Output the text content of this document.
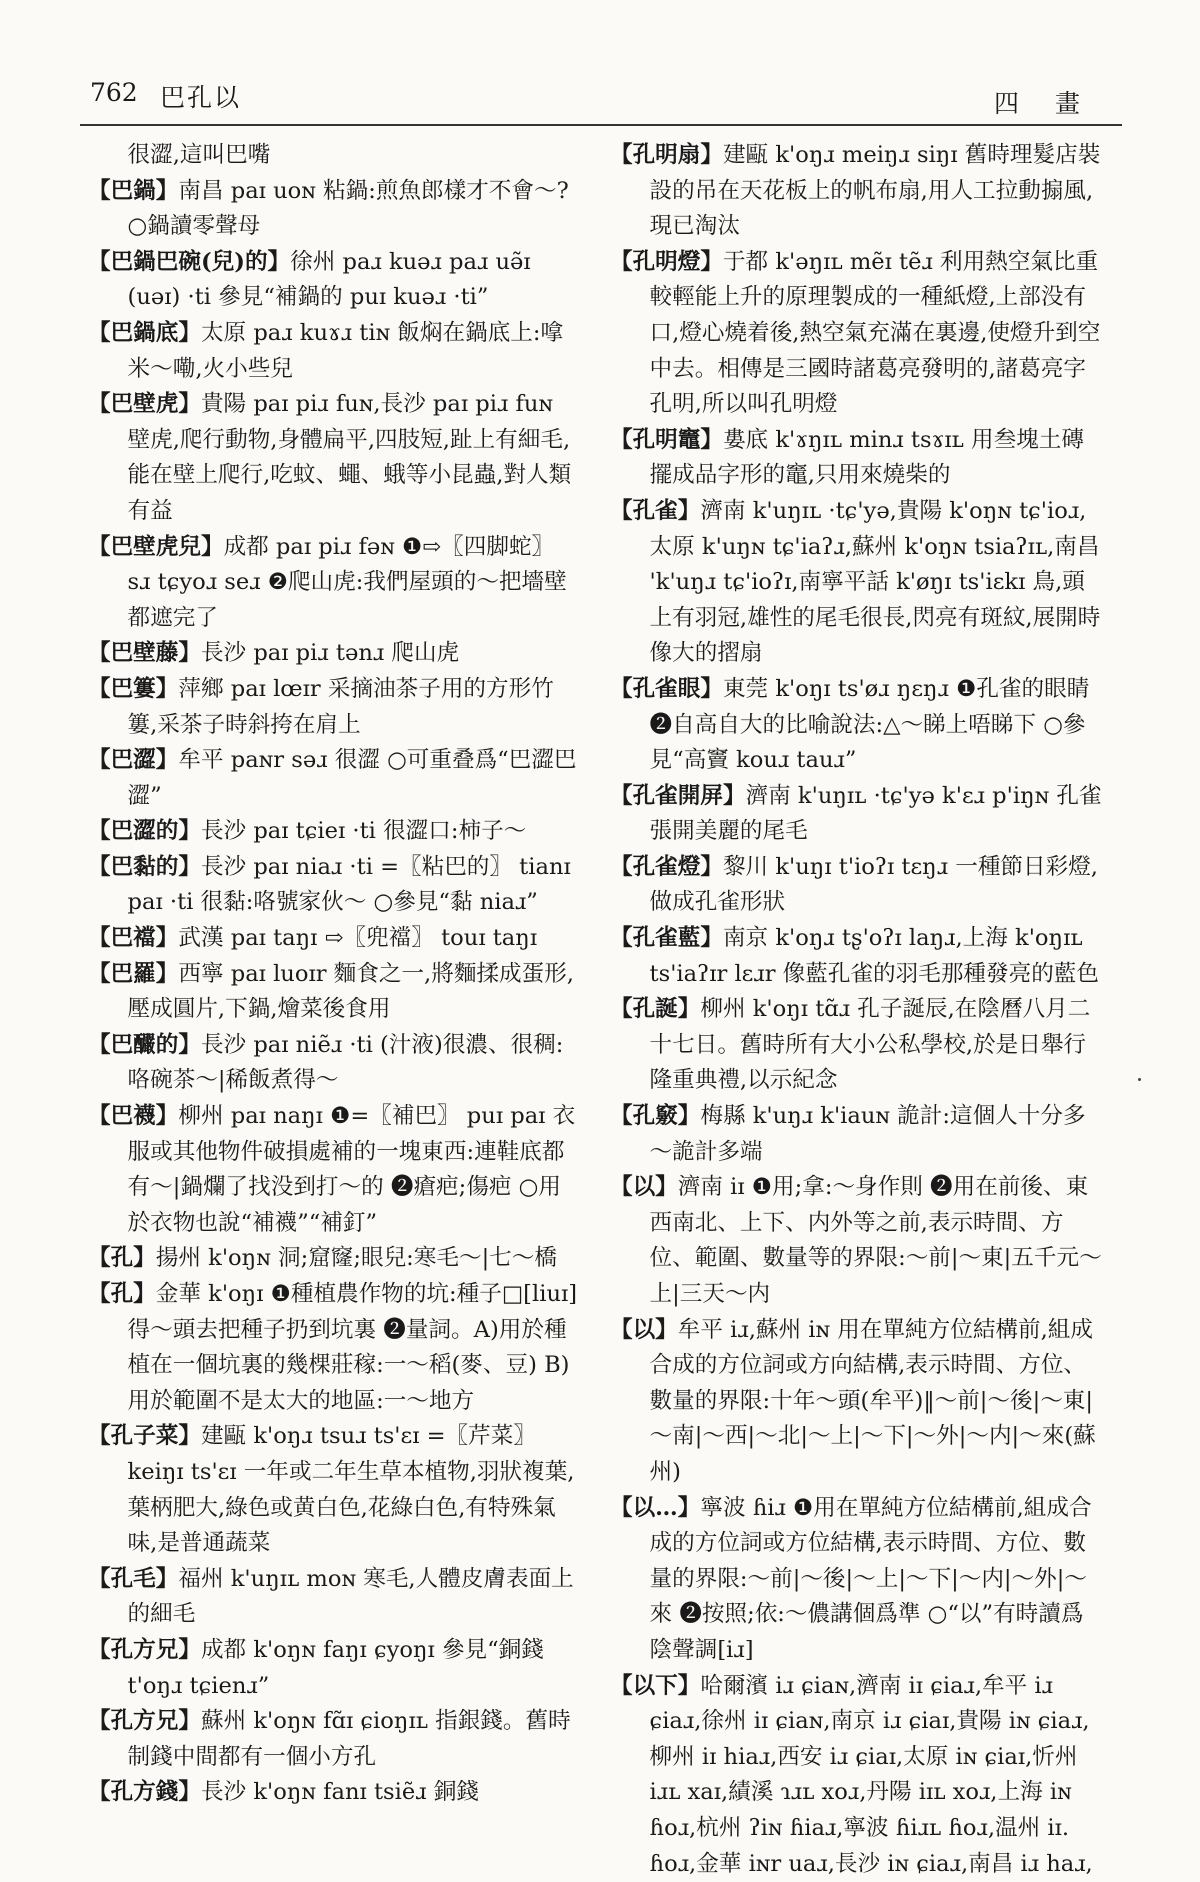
762 巴孔以	四 畫

很澀,這叫巴嘴

【巴鍋】南昌 paɪ uoɴ 粘鍋:煎魚郎樣才不會～? ○鍋讀零聲母

【巴鍋巴碗(兒)的】徐州 paɹ kuəɹ paɹ uə̃ɪ (uəɪ) ·ti 參見“補鍋的 puɪ kuəɹ ·ti”

【巴鍋底】太原 paɹ kuɤɹ tiɴ 飯焖在鍋底上:嗱米～嘞,火小些兒

【巴壁虎】貴陽 paɪ piɹ fuɴ,長沙 paɪ piɹ fuɴ 壁虎,爬行動物,身體扁平,四肢短,趾上有細毛,能在壁上爬行,吃蚊、蠅、蛾等小昆蟲,對人類有益

【巴壁虎兒】成都 paɪ piɹ fəɴ ❶⇨〖四脚蛇〗 sɹ tɕyoɹ seɹ ❷爬山虎:我們屋頭的～把墻壁都遮完了

【巴壁藤】長沙 paɪ piɹ tənɹ 爬山虎

【巴簍】萍鄉 paɪ lœɪr 采摘油茶子用的方形竹簍,采茶子時斜挎在肩上

【巴澀】牟平 paɴr səɹ 很澀 ○可重叠爲“巴澀巴澀”

【巴澀的】長沙 paɪ tɕieɪ ·ti 很澀口:柿子～

【巴黏的】長沙 paɪ niaɹ ·ti =〖粘巴的〗 tianɪ paɪ ·ti 很黏:咯號家伙～ ○參見“黏 niaɹ”

【巴襠】武漢 paɪ taŋɪ ⇨〖兜襠〗 touɪ taŋɪ

【巴羅】西寧 paɪ luoɪr 麵食之一,將麵揉成蛋形,壓成圓片,下鍋,燴菜後食用

【巴釅的】長沙 paɪ niẽɹ ·ti (汁液)很濃、很稠:咯碗茶～|稀飯煮得～

【巴襪】柳州 paɪ naŋɪ ❶=〖補巴〗 puɪ paɪ 衣服或其他物件破損處補的一塊東西:連鞋底都有～|鍋爛了找没到打～的 ❷瘡疤;傷疤 ○用於衣物也說“補襪”“補釘”

【孔】揚州 k'oŋɴ 洞;窟窿;眼兒:寒毛～|七～橋

【孔】金華 k'oŋɪ ❶種植農作物的坑:種子□[liuɪ]得～頭去把種子扔到坑裏 ❷量詞。A)用於種植在一個坑裏的幾棵莊稼:一～稻(麥、豆) B)用於範圍不是太大的地區:一～地方

【孔子菜】建甌 k'oŋɹ tsuɹ ts'ɛɪ =〖芹菜〗 keiŋɪ ts'ɛɪ 一年或二年生草本植物,羽狀複葉,葉柄肥大,綠色或黄白色,花綠白色,有特殊氣味,是普通蔬菜

【孔毛】福州 k'uŋɪʟ moɴ 寒毛,人體皮膚表面上的細毛

【孔方兄】成都 k'oŋɴ faŋɪ ɕyoŋɪ 參見“銅錢 t'oŋɹ tɕienɹ”

【孔方兄】蘇州 k'oŋɴ fɑ̃ɪ ɕioŋɪʟ 指銀錢。舊時制錢中間都有一個小方孔

【孔方錢】長沙 k'oŋɴ fanɪ tsiẽɹ 銅錢

【孔明扇】建甌 k'oŋɹ meiŋɹ siŋɪ 舊時理髮店裝設的吊在天花板上的帆布扇,用人工拉動搧風,現已淘汰

【孔明燈】于都 k'əŋɪʟ mẽɪ tẽɹ 利用熱空氣比重較輕能上升的原理製成的一種紙燈,上部没有口,燈心燒着後,熱空氣充滿在裏邊,使燈升到空中去。相傳是三國時諸葛亮發明的,諸葛亮字孔明,所以叫孔明燈

【孔明竈】婁底 k'ɤŋɪʟ minɹ tsɤɪʟ 用叁塊土磚擺成品字形的竈,只用來燒柴的

【孔雀】濟南 k'uŋɪʟ ·tɕ'yə,貴陽 k'oŋɴ tɕ'ioɹ,太原 k'uŋɴ tɕ'iaʔɹ,蘇州 k'oŋɴ tsiaʔɪʟ,南昌 'k'uŋɹ tɕ'ioʔɪ,南寧平話 k'øŋɪ ts'iɛkɪ 鳥,頭上有羽冠,雄性的尾毛很長,閃亮有斑紋,展開時像大的摺扇

【孔雀眼】東莞 k'oŋɪ ts'øɹ ŋɛŋɹ ❶孔雀的眼睛 ❷自高自大的比喻說法:△～睇上唔睇下 ○參見“高竇 kouɹ tauɹ”

【孔雀開屏】濟南 k'uŋɪʟ ·tɕ'yə k'ɛɹ p'iŋɴ 孔雀張開美麗的尾毛

【孔雀燈】黎川 k'uŋɪ t'ioʔɪ tɛŋɹ 一種節日彩燈,做成孔雀形狀

【孔雀藍】南京 k'oŋɹ tʂ'oʔɪ laŋɹ,上海 k'oŋɪʟ ts'iaʔɪr lɛɹr 像藍孔雀的羽毛那種發亮的藍色

【孔誕】柳州 k'oŋɪ tɑ̃ɹ 孔子誕辰,在陰曆八月二十七日。舊時所有大小公私學校,於是日舉行隆重典禮,以示紀念

【孔竅】梅縣 k'uŋɹ k'iauɴ 詭計:這個人十分多～詭計多端

【以】濟南 iɪ ❶用;拿:～身作則 ❷用在前後、東西南北、上下、内外等之前,表示時間、方位、範圍、數量等的界限:～前|～東|五千元～上|三天～内

【以】牟平 iɹ,蘇州 iɴ 用在單純方位結構前,組成合成的方位詞或方向結構,表示時間、方位、數量的界限:十年～頭(牟平)‖～前|～後|～東|～南|～西|～北|～上|～下|～外|～内|～來(蘇州)

【以…】寧波 ɦiɹ ❶用在單純方位結構前,組成合成的方位詞或方位結構,表示時間、方位、數量的界限:～前|～後|～上|～下|～内|～外|～來 ❷按照;依:～儂講個爲準 ○“以”有時讀爲陰聲調[iɹ]

【以下】哈爾濱 iɹ ɕiaɴ,濟南 iɪ ɕiaɹ,牟平 iɹ ɕiaɹ,徐州 iɪ ɕiaɴ,南京 iɹ ɕiaɪ,貴陽 iɴ ɕiaɹ,柳州 iɪ hiaɹ,西安 iɹ ɕiaɪ,太原 iɴ ɕiaɪ,忻州 iɹʟ xaɪ,績溪 ɿɹʟ xoɹ,丹陽 iɪʟ xoɹ,上海 iɴ ɦoɹ,杭州 ʔiɴ ɦiaɹ,寧波 ɦiɹʟ ɦoɹ,温州 iɪ. ɦoɹ,金華 iɴr uaɹ,長沙 iɴ ɕiaɹ,南昌 iɹ haɹ,
